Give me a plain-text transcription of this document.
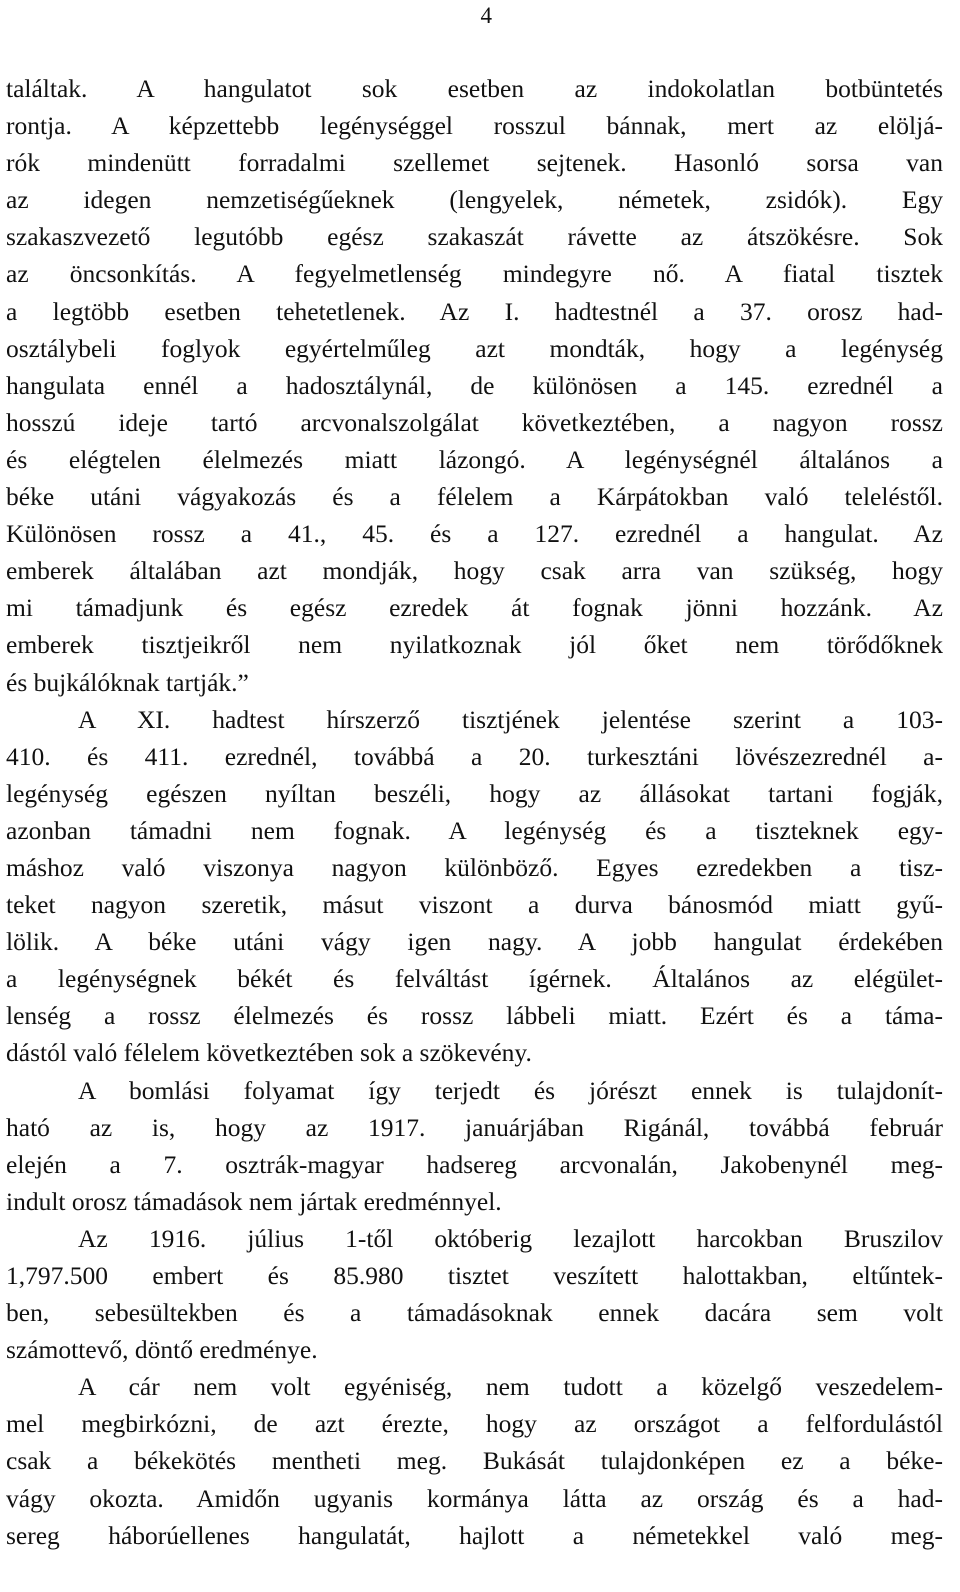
4
találtak. A hangulatot sok esetben az indokolatlan botbüntetés
rontja. A képzettebb legénységgel rosszul bánnak, mert az elöljá-
rók mindenütt forradalmi szellemet sejtenek. Hasonló sorsa van
az idegen nemzetiségűeknek (lengyelek, németek, zsidók). Egy
szakaszvezető legutóbb egész szakaszát rávette az átszökésre. Sok
az öncsonkítás. A fegyelmetlenség mindegyre nő. A fiatal tisztek
a legtöbb esetben tehetetlenek. Az I. hadtestnél a 37. orosz had-
osztálybeli foglyok egyértelműleg azt mondták, hogy a legénység
hangulata ennél a hadosztálynál, de különösen a 145. ezrednél a
hosszú ideje tartó arcvonalszolgálat következtében, a nagyon rossz
és elégtelen élelmezés miatt lázongó. A legénységnél általános a
béke utáni vágyakozás és a félelem a Kárpátokban való teleléstől.
Különösen rossz a 41., 45. és a 127. ezrednél a hangulat. Az
emberek általában azt mondják, hogy csak arra van szükség, hogy
mi támadjunk és egész ezredek át fognak jönni hozzánk. Az
emberek tisztjeikről nem nyilatkoznak jól őket nem törődőknek
és bujkálóknak tartják.”
A XI. hadtest hírszerző tisztjének jelentése szerint a 103-
410. és 411. ezrednél, továbbá a 20. turkesztáni lövészezrednél a-
legénység egészen nyíltan beszéli, hogy az állásokat tartani fogják,
azonban támadni nem fognak. A legénység és a tiszteknek egy-
máshoz való viszonya nagyon különböző. Egyes ezredekben a tisz-
teket nagyon szeretik, másut viszont a durva bánosmód miatt gyű-
lölik. A béke utáni vágy igen nagy. A jobb hangulat érdekében
a legénységnek békét és felváltást ígérnek. Általános az elégület-
lenség a rossz élelmezés és rossz lábbeli miatt. Ezért és a táma-
dástól való félelem következtében sok a szökevény.
A bomlási folyamat így terjedt és jórészt ennek is tulajdonít-
ható az is, hogy az 1917. januárjában Rigánál, továbbá február
elején a 7. osztrák-magyar hadsereg arcvonalán, Jakobenynél meg-
indult orosz támadások nem jártak eredménnyel.
Az 1916. július 1-től októberig lezajlott harcokban Bruszilov
1,797.500 embert és 85.980 tisztet veszített halottakban, eltűntek-
ben, sebesültekben és a támadásoknak ennek dacára sem volt
számottevő, döntő eredménye.
A cár nem volt egyéniség, nem tudott a közelgő veszedelem-
mel megbirkózni, de azt érezte, hogy az országot a felfordulástól
csak a békekötés mentheti meg. Bukását tulajdonképen ez a béke-
vágy okozta. Amidőn ugyanis kormánya látta az ország és a had-
sereg háborúellenes hangulatát, hajlott a németekkel való meg-
